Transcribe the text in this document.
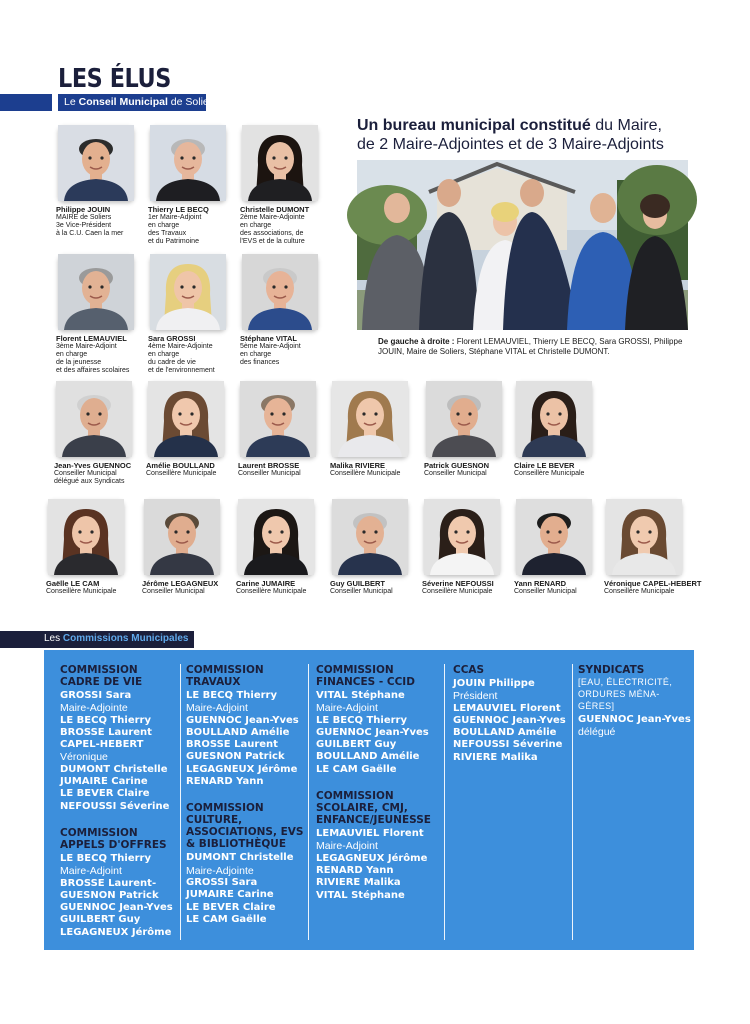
LES ÉLUS
Le Conseil Municipal de Soliers
Philippe JOUIN
MAIRE de Soliers
3e Vice-Président
à la C.U. Caen la mer
Thierry LE BECQ
1er Maire-Adjoint
en charge
des Travaux
et du Patrimoine
Christelle DUMONT
2ème Maire-Adjointe
en charge
des associations, de
l'EVS et de la culture
Florent LEMAUVIEL
3ème Maire-Adjoint
en charge
de la jeunesse
et des affaires scolaires
Sara GROSSI
4ème Maire-Adjointe
en charge
du cadre de vie
et de l'environnement
Stéphane VITAL
5ème Maire-Adjoint
en charge
des finances
Jean-Yves GUENNOC
Conseiller Municipal
délégué aux Syndicats
Amélie BOULLAND
Conseillère Municipale
Laurent BROSSE
Conseiller Municipal
Malika RIVIERE
Conseillère Municipale
Patrick GUESNON
Conseiller Municipal
Claire LE BEVER
Conseillère Municipale
Gaëlle LE CAM
Conseillère Municipale
Jérôme LEGAGNEUX
Conseiller Municipal
Carine JUMAIRE
Conseillère Municipale
Guy GUILBERT
Conseiller Municipal
Séverine NEFOUSSI
Conseillère Municipale
Yann RENARD
Conseiller Municipal
Véronique CAPEL-HEBERT
Conseillère Municipale
Un bureau municipal constitué du Maire,
de 2 Maire-Adjointes et de 3 Maire-Adjoints
De gauche à droite : Florent LEMAUVIEL, Thierry LE BECQ, Sara GROSSI, Philippe JOUIN, Maire de Soliers, Stéphane VITAL et Christelle DUMONT.
Les Commissions Municipales
COMMISSION
CADRE DE VIE
GROSSI Sara
Maire-Adjointe
LE BECQ Thierry
BROSSE Laurent
CAPEL-HEBERT
Véronique
DUMONT Christelle
JUMAIRE Carine
LE BEVER Claire
NEFOUSSI Séverine
COMMISSION
APPELS D'OFFRES
LE BECQ Thierry
Maire-Adjoint
BROSSE Laurent-
GUESNON Patrick
GUENNOC Jean-Yves
GUILBERT Guy
LEGAGNEUX Jérôme
COMMISSION
TRAVAUX
LE BECQ Thierry
Maire-Adjoint
GUENNOC Jean-Yves
BOULLAND Amélie
BROSSE Laurent
GUESNON Patrick
LEGAGNEUX Jérôme
RENARD Yann
COMMISSION
CULTURE,
ASSOCIATIONS, EVS
& BIBLIOTHÈQUE
DUMONT Christelle
Maire-Adjointe
GROSSI Sara
JUMAIRE Carine
LE BEVER Claire
LE CAM Gaëlle
COMMISSION
FINANCES - CCID
VITAL Stéphane
Maire-Adjoint
LE BECQ Thierry
GUENNOC Jean-Yves
GUILBERT Guy
BOULLAND Amélie
LE CAM Gaëlle
COMMISSION
SCOLAIRE, CMJ,
ENFANCE/JEUNESSE
LEMAUVIEL Florent
Maire-Adjoint
LEGAGNEUX Jérôme
RENARD Yann
RIVIERE Malika
VITAL Stéphane
CCAS
JOUIN Philippe
Président
LEMAUVIEL Florent
GUENNOC Jean-Yves
BOULLAND Amélie
NEFOUSSI Séverine
RIVIERE Malika
SYNDICATS
[EAU, ÉLECTRICITÉ,
ORDURES MÉNA-
GÈRES]
GUENNOC Jean-Yves Conseiller
délégué
